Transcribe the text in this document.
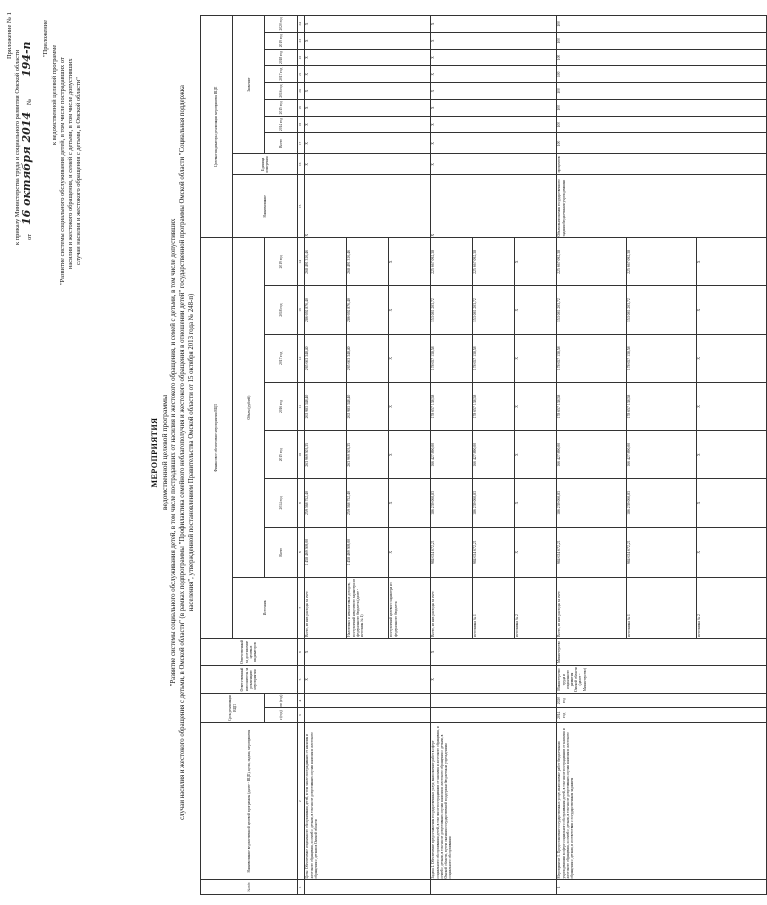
Приложение № 1
к приказу Министерства труда и социального развития Омской области от
16 октября 2014
№
194-п
"Приложение
к ведомственной целевой программе "Развитие системы социального обслуживания детей, в том числе пострадавших от насилия и жестокого обращения, и семей с детьми, в том числе допустивших случаи насилия и жестокого обращения с детьми, в Омской области"
МЕРОПРИЯТИЯ ведомственной целевой программы "Развитие системы социального обслуживания детей, в том числе пострадавших от насилия и жестокого обращения, и семей с детьми, в том числе допустивших случаи насилия и жестокого обращения с детьми, в Омской области" (в рамках подпрограммы "Профилактика семейного неблагополучия и жестокого обращения в отношении детей" государственной программы Омской области "Социальная поддержка населения", утвержденной постановлением Правительства Омской области от 15 октября 2013 года № 248-п)
№ п/п	Наименование ведомственной целевой программы (далее - ВЦП), цели, задачи, мероприятия	Срок реализации ВЦП		Ответственный исполнитель за реализацию мероприятия	Ответственный за достижение целевых индикаторов	Финансовое обеспечение мероприятия ВЦП								Целевые индикаторы реализации мероприятия ВЦП									
						Источник	Объем (рублей)							Наименование	Единица измерения	Значение							
		с (год)	по (год)				Всего	2014 год	2015 год	2016 год	2017 год	2018 год	2019 год			Всего	2014 год	2015 год	2016 год	2017 год	2018 год	2019 год	2020 год
1	2	3	4	5	6	7	8	9	10	11	12	13	14	15	16	17	18	19	20	21	22	23	24
	Цель: Обеспечение социального обслуживания детей, в том числе пострадавших от насилия и жестокого обращения, и семей с детьми, в том числе допустивших случаи насилия и жестокого обращения с детьми в Омской области			Х	Х	Всего, из них расходы за счет:	1 458 469 369,00	259 368 752,40	263 969 303,35	263 983 348,40	265 663 348,40	286 692 876,40	268 491 316,46	Х	Х	Х	Х	Х	Х	Х	Х	Х	Х
						Налоговых и неналоговых доходов, поступлений нецелевого характера из федерального бюджета (далее - источник № 1)	1 458 469 369,00	259 368 752,40	263 969 303,35	263 983 348,40	265 663 348,40	286 692 876,40	268 491 316,46										
						поступлений целевого характера из федерального бюджета	Х	Х	Х	Х	Х	Х	Х										
	Задача 1. Обеспечение предоставления государственных услуг, выполнение работ в сфере социального обслуживания детей, в том числе пострадавших от насилия и жестокого обращения, и семей с детьми, в том числе допустивших случаи насилия и жестокого обращения с детьми, в Омской области, путем оказания государственной поддержки бюджетным учреждениям социального обслуживания			Х	Х	Всего, из них расходы за счет:	984 634 672,21	186 239 060,83	166 427 890,00	178 657 138,58	178 657 138,58	153 081 203,72	225 667 092,38	Х	Х	Х	Х	Х	Х	Х	Х	Х	Х
						источника № 1	984 634 672,21	186 239 060,83	166 427 890,00	178 657 138,58	178 657 138,58	153 081 203,72	225 667 092,38										
						источника № 2	Х	Х	Х	Х	Х	Х	Х										
1	Мероприятие 1. Предоставление государственных услуг, выполнение работ бюджетными учреждениями в сфере социального обслуживания детей, в том числе пострадавших от насилия и жестокого обращения, и семей с детьми, в том числе допустивших случаи насилия и жестокого обращения с детьми, в соответствии с государственным заданием	2014 год	2020 год	Министерство труда и социального развития Омской области (далее - Министерство)	Министерство	Всего, из них расходы за счет:	984 634 672,21	186 239 060,83	166 427 890,00	178 657 138,58	178 657 138,58	153 081 203,72	225 667 092,38	Объем выполнения государственного задания бюджетными учреждениями	процентов	100	100	100	100	100	100	100	100
						источника № 1	984 634 672,21	186 239 060,83	166 427 890,00	178 657 138,58	178 657 138,58	153 081 203,72	225 667 092,38										
						источника № 2	Х	Х	Х	Х	Х	Х	Х										
